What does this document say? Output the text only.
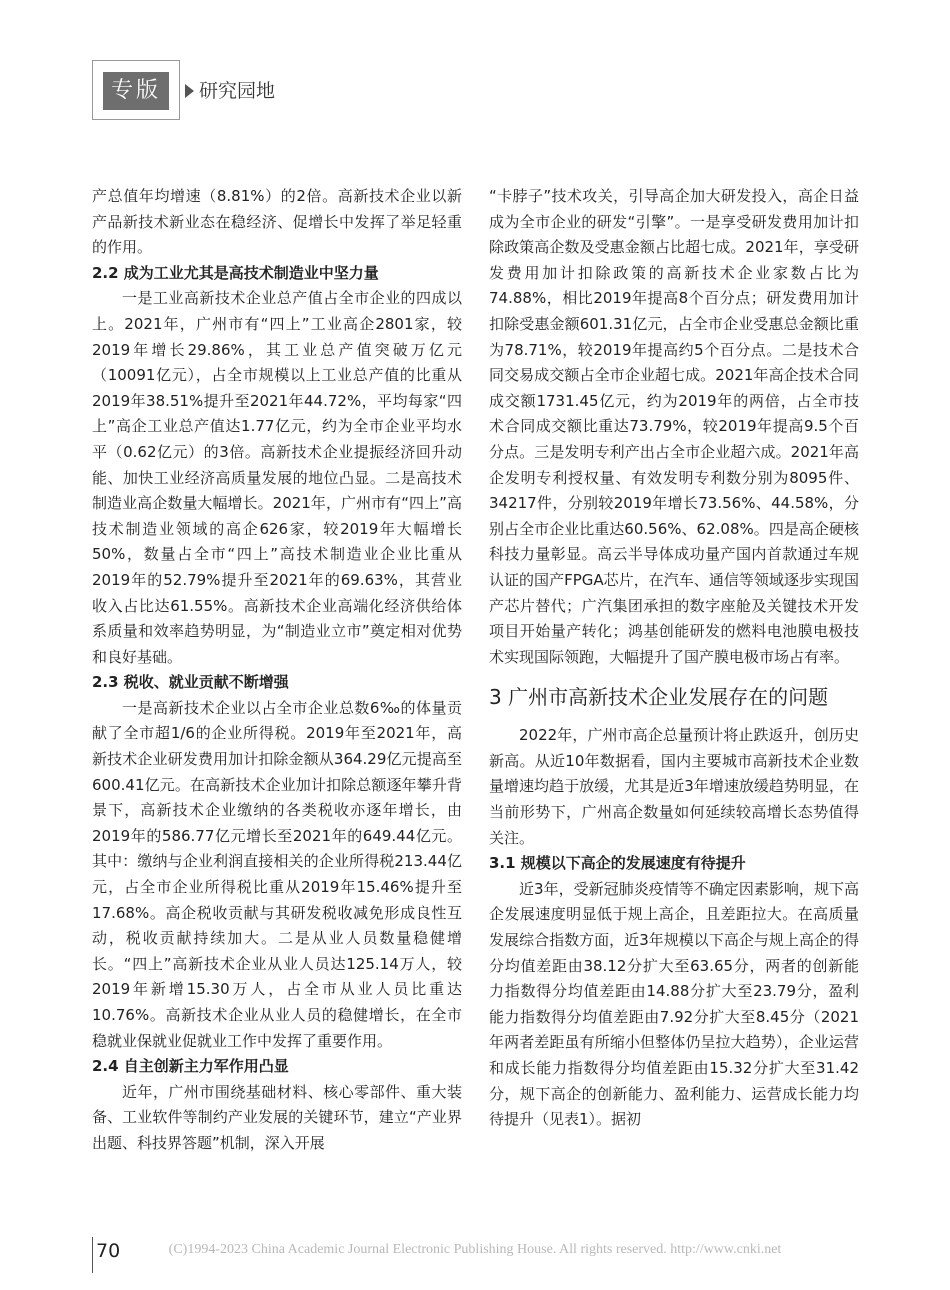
专版	研究园地

产总值年均增速（8.81%）的2倍。高新技术企业以新产品新技术新业态在稳经济、促增长中发挥了举足轻重的作用。

2.2 成为工业尤其是高技术制造业中坚力量

一是工业高新技术企业总产值占全市企业的四成以上。2021年，广州市有“四上”工业高企2801家，较2019年增长29.86%，其工业总产值突破万亿元（10091亿元），占全市规模以上工业总产值的比重从2019年38.51%提升至2021年44.72%，平均每家“四上”高企工业总产值达1.77亿元，约为全市企业平均水平（0.62亿元）的3倍。高新技术企业提振经济回升动能、加快工业经济高质量发展的地位凸显。二是高技术制造业高企数量大幅增长。2021年，广州市有“四上”高技术制造业领域的高企626家，较2019年大幅增长50%，数量占全市“四上”高技术制造业企业比重从2019年的52.79%提升至2021年的69.63%，其营业收入占比达61.55%。高新技术企业高端化经济供给体系质量和效率趋势明显，为“制造业立市”奠定相对优势和良好基础。

2.3 税收、就业贡献不断增强

一是高新技术企业以占全市企业总数6‰的体量贡献了全市超1/6的企业所得税。2019年至2021年，高新技术企业研发费用加计扣除金额从364.29亿元提高至600.41亿元。在高新技术企业加计扣除总额逐年攀升背景下，高新技术企业缴纳的各类税收亦逐年增长，由2019年的586.77亿元增长至2021年的649.44亿元。其中：缴纳与企业利润直接相关的企业所得税213.44亿元，占全市企业所得税比重从2019年15.46%提升至17.68%。高企税收贡献与其研发税收减免形成良性互动，税收贡献持续加大。二是从业人员数量稳健增长。“四上”高新技术企业从业人员达125.14万人，较2019年新增15.30万人，占全市从业人员比重达10.76%。高新技术企业从业人员的稳健增长，在全市稳就业保就业促就业工作中发挥了重要作用。

2.4 自主创新主力军作用凸显

近年，广州市围绕基础材料、核心零部件、重大装备、工业软件等制约产业发展的关键环节，建立“产业界出题、科技界答题”机制，深入开展

“卡脖子”技术攻关，引导高企加大研发投入，高企日益成为全市企业的研发“引擎”。一是享受研发费用加计扣除政策高企数及受惠金额占比超七成。2021年，享受研发费用加计扣除政策的高新技术企业家数占比为74.88%，相比2019年提高8个百分点；研发费用加计扣除受惠金额601.31亿元，占全市企业受惠总金额比重为78.71%，较2019年提高约5个百分点。二是技术合同交易成交额占全市企业超七成。2021年高企技术合同成交额1731.45亿元，约为2019年的两倍，占全市技术合同成交额比重达73.79%，较2019年提高9.5个百分点。三是发明专利产出占全市企业超六成。2021年高企发明专利授权量、有效发明专利数分别为8095件、34217件，分别较2019年增长73.56%、44.58%，分别占全市企业比重达60.56%、62.08%。四是高企硬核科技力量彰显。高云半导体成功量产国内首款通过车规认证的国产FPGA芯片，在汽车、通信等领域逐步实现国产芯片替代；广汽集团承担的数字座舱及关键技术开发项目开始量产转化；鸿基创能研发的燃料电池膜电极技术实现国际领跑，大幅提升了国产膜电极市场占有率。

3 广州市高新技术企业发展存在的问题

2022年，广州市高企总量预计将止跌返升，创历史新高。从近10年数据看，国内主要城市高新技术企业数量增速均趋于放缓，尤其是近3年增速放缓趋势明显，在当前形势下，广州高企数量如何延续较高增长态势值得关注。

3.1 规模以下高企的发展速度有待提升

近3年，受新冠肺炎疫情等不确定因素影响，规下高企发展速度明显低于规上高企，且差距拉大。在高质量发展综合指数方面，近3年规模以下高企与规上高企的得分均值差距由38.12分扩大至63.65分，两者的创新能力指数得分均值差距由14.88分扩大至23.79分，盈利能力指数得分均值差距由7.92分扩大至8.45分（2021年两者差距虽有所缩小但整体仍呈拉大趋势），企业运营和成长能力指数得分均值差距由15.32分扩大至31.42分，规下高企的创新能力、盈利能力、运营成长能力均待提升（见表1）。据初

70	(C)1994-2023 China Academic Journal Electronic Publishing House. All rights reserved. http://www.cnki.net
